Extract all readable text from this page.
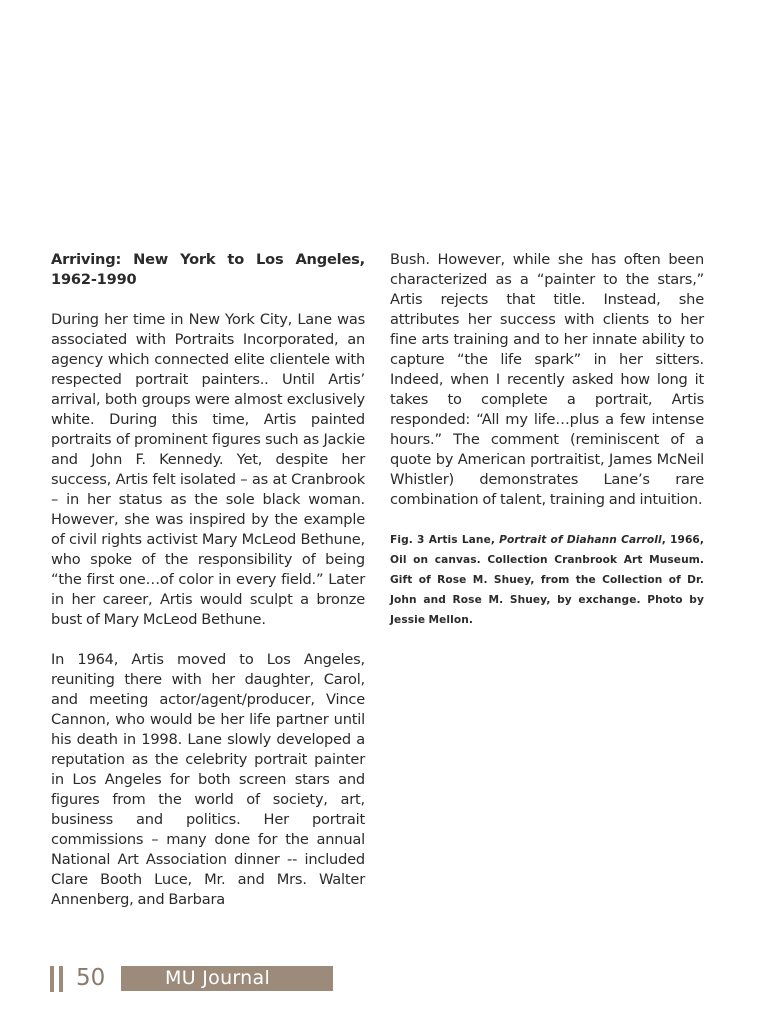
Arriving: New York to Los Angeles, 1962-1990
During her time in New York City, Lane was associated with Portraits Incorporated, an agency which connected elite clientele with respected portrait painters.. Until Artis’ arrival, both groups were almost exclusively white. During this time, Artis painted portraits of prominent figures such as Jackie and John F. Kennedy. Yet, despite her success, Artis felt isolated – as at Cranbrook – in her status as the sole black woman. However, she was inspired by the example of civil rights activist Mary McLeod Bethune, who spoke of the responsibility of being “the first one…of color in every field.” Later in her career, Artis would sculpt a bronze bust of Mary McLeod Bethune.
In 1964, Artis moved to Los Angeles, reuniting there with her daughter, Carol, and meeting actor/agent/producer, Vince Cannon, who would be her life partner until his death in 1998. Lane slowly developed a reputation as the celebrity portrait painter in Los Angeles for both screen stars and figures from the world of society, art, business and politics. Her portrait commissions – many done for the annual National Art Association dinner -- included Clare Booth Luce, Mr. and Mrs. Walter Annenberg, and Barbara
Bush. However, while she has often been characterized as a “painter to the stars,” Artis rejects that title. Instead, she attributes her success with clients to her fine arts training and to her innate ability to capture “the life spark” in her sitters. Indeed, when I recently asked how long it takes to complete a portrait, Artis responded: “All my life…plus a few intense hours.” The comment (reminiscent of a quote by American portraitist, James McNeil Whistler) demonstrates Lane’s rare combination of talent, training and intuition.
Fig. 3 Artis Lane, Portrait of Diahann Carroll, 1966, Oil on canvas. Collection Cranbrook Art Museum. Gift of Rose M. Shuey, from the Collection of Dr. John and Rose M. Shuey, by exchange. Photo by Jessie Mellon.
50	MU Journal
